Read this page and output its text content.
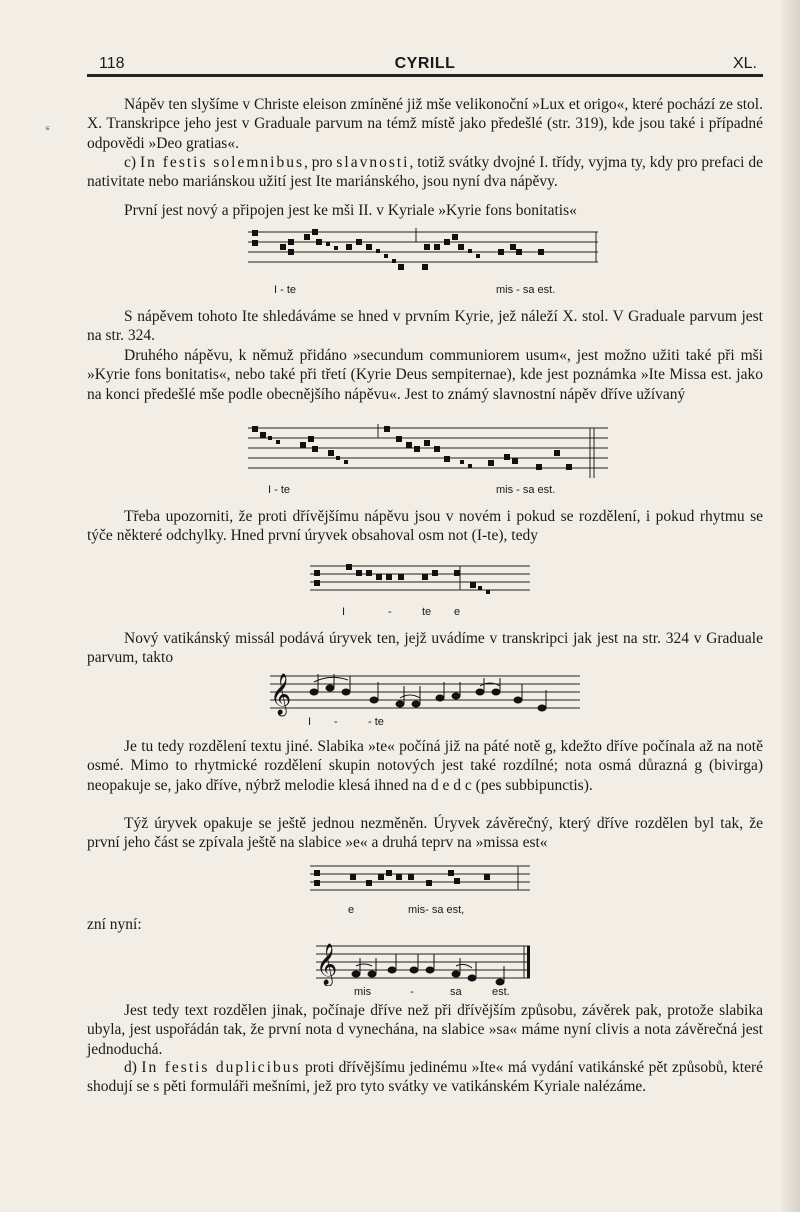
118	CYRILL	XL.
ᶝ

Nápěv ten slyšíme v Christe eleison zmíněné již mše velikonoční »Lux et origo«, které pochází ze stol. X. Transkripce jeho jest v Graduale parvum na témž místě jako předešlé (str. 319), kde jsou také i případné odpovědi »Deo gratias«.

c) In festis solemnibus, pro slavnosti, totiž svátky dvojné I. třídy, vyjma ty, kdy pro prefaci de nativitate nebo mariánskou užití jest Ite mariánského, jsou nyní dva nápěvy.

První jest nový a připojen jest ke mši II. v Kyriale »Kyrie fons bonitatis«

I - te	mis - sa est.

S nápěvem tohoto Ite shledáváme se hned v prvním Kyrie, jež náleží X. stol. V Graduale parvum jest na str. 324.

Druhého nápěvu, k němuž přidáno »secundum communiorem usum«, jest možno užiti také při mši »Kyrie fons bonitatis«, nebo také při třetí (Kyrie Deus sempiternae), kde jest poznámka »Ite Missa est. jako na konci předešlé mše podle obecnějšího nápěvu«. Jest to známý slavnostní nápěv dříve užívaný

I - te	mis - sa est.

Třeba upozorniti, že proti dřívějšímu nápěvu jsou v novém i pokud se rozdělení, i pokud rhytmu se týče některé odchylky. Hned první úryvek obsahoval osm not (I-te), tedy

I	-	te e

Nový vatikánský missál podává úryvek ten, jejž uvádíme v transkripci jak jest na str. 324 v Graduale parvum, takto

𝄞
I -	- te

Je tu tedy rozdělení textu jiné. Slabika »te« počíná již na páté notě g, kdežto dříve počínala až na notě osmé. Mimo to rhytmické rozdělení skupin notových jest také rozdílné; nota osmá důrazná g (bivirga) neopakuje se, jako dříve, nýbrž melodie klesá ihned na d e d c (pes subbipunctis).

Týž úryvek opakuje se ještě jednou nezměněn. Úryvek závěrečný, který dříve rozdělen byl tak, že první jeho část se zpívala ještě na slabice »e« a druhá teprv na »missa est«

e	mis- sa est,

zní nyní:

𝄞
mis	-	sa	est.

Jest tedy text rozdělen jinak, počínaje dříve než při dřívějším způsobu, závěrek pak, protože slabika ubyla, jest uspořádán tak, že první nota d vynechána, na slabice »sa« máme nyní clivis a nota závěrečná jest jednoduchá.

d) In festis duplicibus proti dřívějšímu jedinému »Ite« má vydání vatikánské pět způsobů, které shodují se s pěti formuláři mešními, jež pro tyto svátky ve vatikánském Kyriale nalézáme.
